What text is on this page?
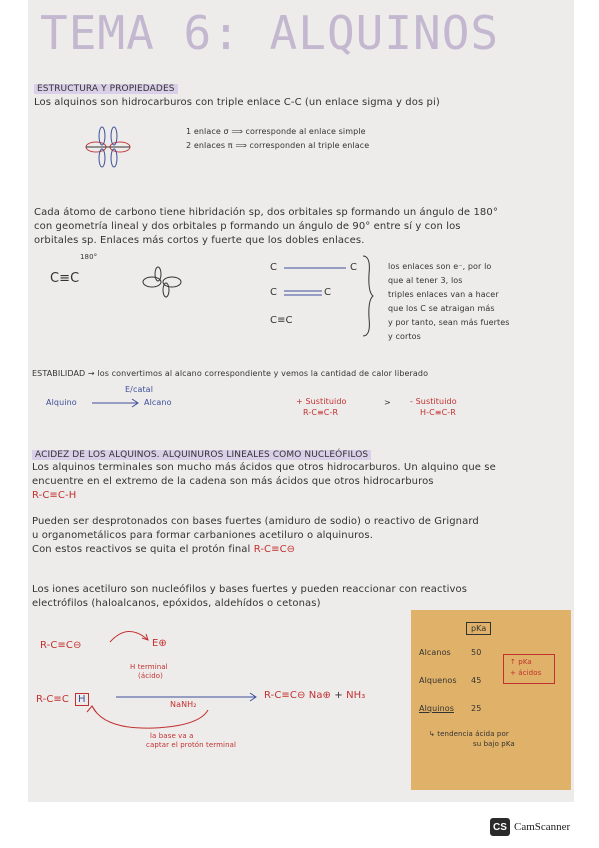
TEMA 6: ALQUINOS
ESTRUCTURA Y PROPIEDADES
Los alquinos son hidrocarburos con triple enlace C-C (un enlace sigma y dos pi)
1 enlace σ ⟹ corresponde al enlace simple
2 enlaces π ⟹ corresponden al triple enlace
Cada átomo de carbono tiene hibridación sp, dos orbitales sp formando un ángulo de 180°
con geometría lineal y dos orbitales p formando un ángulo de 90° entre sí y con los
orbitales sp. Enlaces más cortos y fuerte que los dobles enlaces.
180°
C≡C
C	C
C	C
C≡C
los enlaces son e⁻, por lo
que al tener 3, los
triples enlaces van a hacer
que los C se atraigan más
y por tanto, sean más fuertes
y cortos
ESTABILIDAD → los convertimos al alcano correspondiente y vemos la cantidad de calor liberado
E/catal
Alquino	Alcano	+ Sustituido
R-C≡C-R
> - Sustituido
H-C≡C-R
ACIDEZ DE LOS ALQUINOS. ALQUINUROS LINEALES COMO NUCLEÓFILOS
Los alquinos terminales son mucho más ácidos que otros hidrocarburos. Un alquino que se
encuentre en el extremo de la cadena son más ácidos que otros hidrocarburos
R-C≡C-H
Pueden ser desprotonados con bases fuertes (amiduro de sodio) o reactivo de Grignard
u organometálicos para formar carbaniones acetiluro o alquinuros.
Con estos reactivos se quita el protón final R-C≡C⊖
Los iones acetiluro son nucleófilos y bases fuertes y pueden reaccionar con reactivos
electrófilos (haloalcanos, epóxidos, aldehídos o cetonas)
R-C≡C⊖	E⊕
H terminal
(ácido)
R-C≡C H	NaNH₂
R-C≡C⊖ Na⊕ + NH₃
la base va a
captar el protón terminal
pKa
Alcanos	50
Alquenos 45
Alquinos 25
↑ pKa
+ ácidos
↳ tendencia ácida por
su bajo pKa
CS CamScanner
